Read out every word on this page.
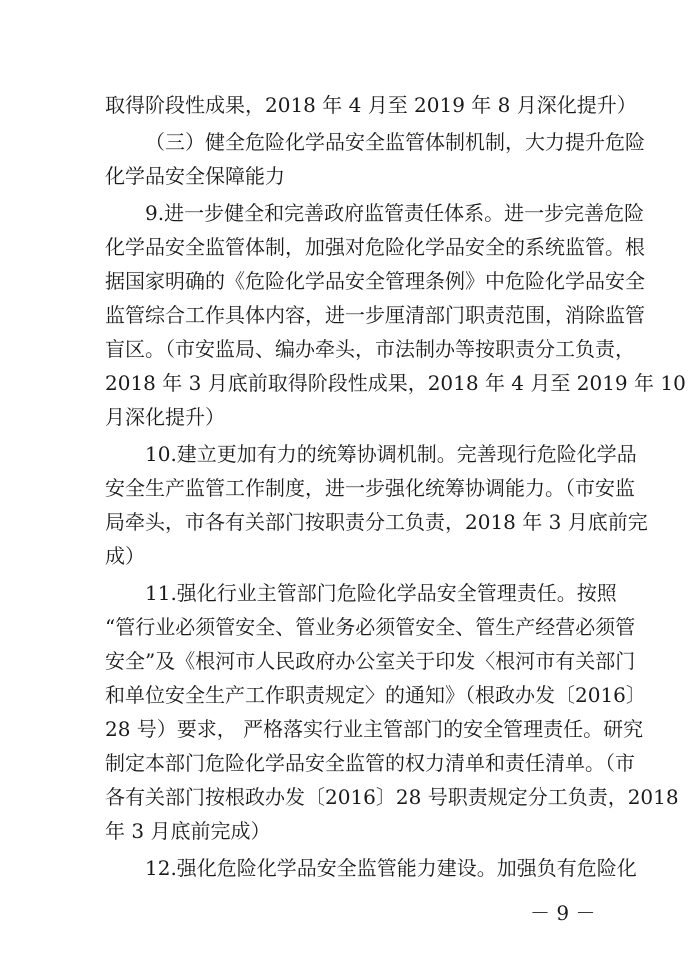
取得阶段性成果，2018 年 4 月至 2019 年 8 月深化提升）
（三）健全危险化学品安全监管体制机制，大力提升危险
化学品安全保障能力
9.进一步健全和完善政府监管责任体系。进一步完善危险
化学品安全监管体制，加强对危险化学品安全的系统监管。根
据国家明确的《危险化学品安全管理条例》中危险化学品安全
监管综合工作具体内容，进一步厘清部门职责范围，消除监管
盲区。（市安监局、编办牵头，市法制办等按职责分工负责，
2018 年 3 月底前取得阶段性成果，2018 年 4 月至 2019 年 10
月深化提升）
10.建立更加有力的统筹协调机制。完善现行危险化学品
安全生产监管工作制度，进一步强化统筹协调能力。（市安监
局牵头，市各有关部门按职责分工负责，2018 年 3 月底前完
成）
11.强化行业主管部门危险化学品安全管理责任。按照
“管行业必须管安全、管业务必须管安全、管生产经营必须管
安全”及《根河市人民政府办公室关于印发〈根河市有关部门
和单位安全生产工作职责规定〉的通知》（根政办发〔2016〕
28 号）要求， 严格落实行业主管部门的安全管理责任。研究
制定本部门危险化学品安全监管的权力清单和责任清单。（市
各有关部门按根政办发〔2016〕28 号职责规定分工负责，2018
年 3 月底前完成）
12.强化危险化学品安全监管能力建设。加强负有危险化
－ 9 －
